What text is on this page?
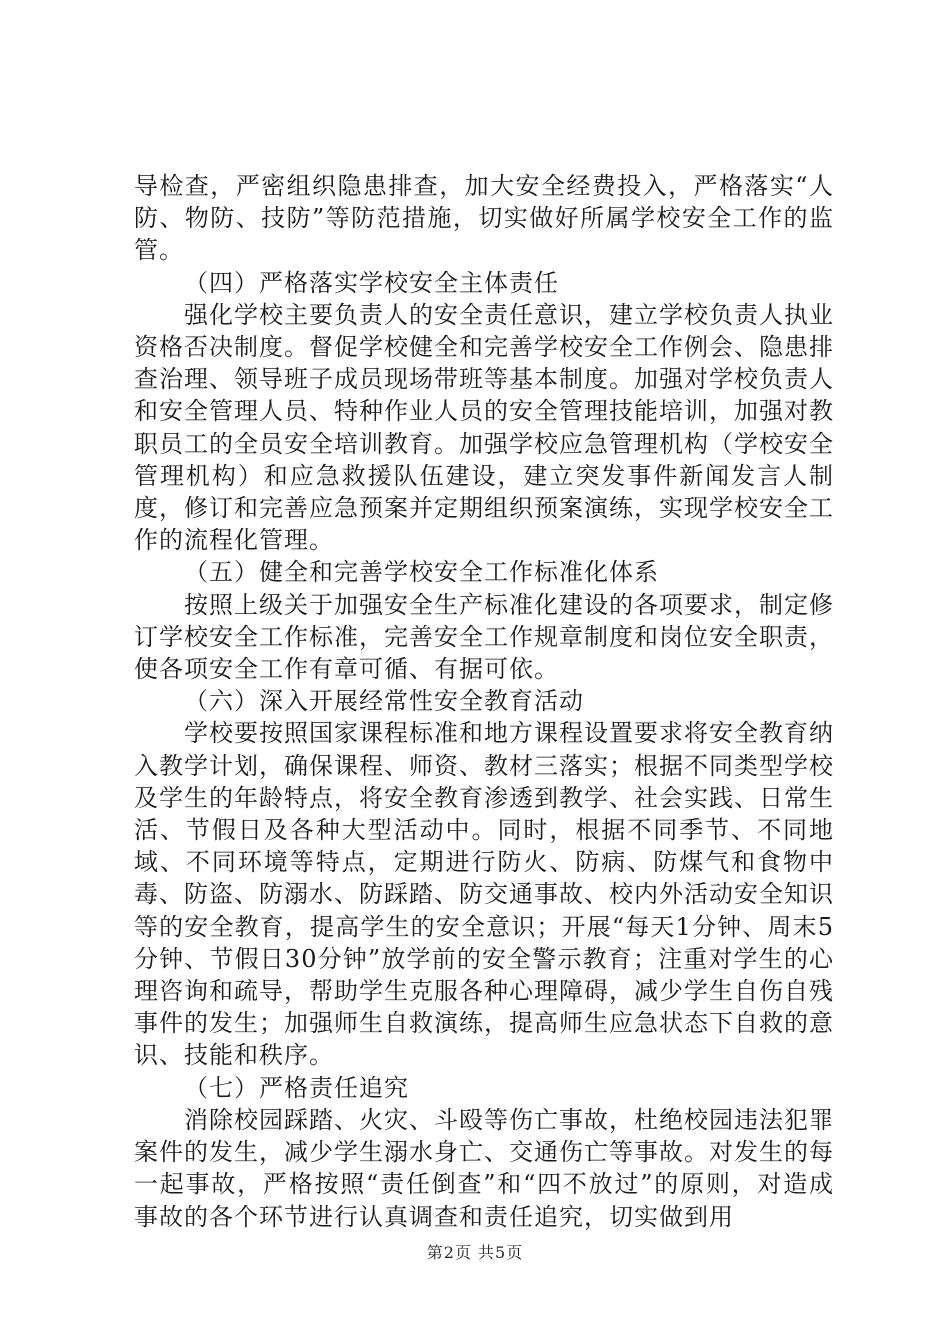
导检查，严密组织隐患排查，加大安全经费投入，严格落实“人防、物防、技防”等防范措施，切实做好所属学校安全工作的监管。

（四）严格落实学校安全主体责任

强化学校主要负责人的安全责任意识，建立学校负责人执业资格否决制度。督促学校健全和完善学校安全工作例会、隐患排查治理、领导班子成员现场带班等基本制度。加强对学校负责人和安全管理人员、特种作业人员的安全管理技能培训，加强对教职员工的全员安全培训教育。加强学校应急管理机构（学校安全管理机构）和应急救援队伍建设，建立突发事件新闻发言人制度，修订和完善应急预案并定期组织预案演练，实现学校安全工作的流程化管理。

（五）健全和完善学校安全工作标准化体系

按照上级关于加强安全生产标准化建设的各项要求，制定修订学校安全工作标准，完善安全工作规章制度和岗位安全职责，使各项安全工作有章可循、有据可依。

（六）深入开展经常性安全教育活动

学校要按照国家课程标准和地方课程设置要求将安全教育纳入教学计划，确保课程、师资、教材三落实；根据不同类型学校及学生的年龄特点，将安全教育渗透到教学、社会实践、日常生活、节假日及各种大型活动中。同时，根据不同季节、不同地域、不同环境等特点，定期进行防火、防病、防煤气和食物中毒、防盗、防溺水、防踩踏、防交通事故、校内外活动安全知识等的安全教育，提高学生的安全意识；开展“每天1分钟、周末5分钟、节假日30分钟”放学前的安全警示教育；注重对学生的心理咨询和疏导，帮助学生克服各种心理障碍，减少学生自伤自残事件的发生；加强师生自救演练，提高师生应急状态下自救的意识、技能和秩序。

（七）严格责任追究

消除校园踩踏、火灾、斗殴等伤亡事故，杜绝校园违法犯罪案件的发生，减少学生溺水身亡、交通伤亡等事故。对发生的每一起事故，严格按照“责任倒查”和“四不放过”的原则，对造成事故的各个环节进行认真调查和责任追究，切实做到用

第2页 共5页
